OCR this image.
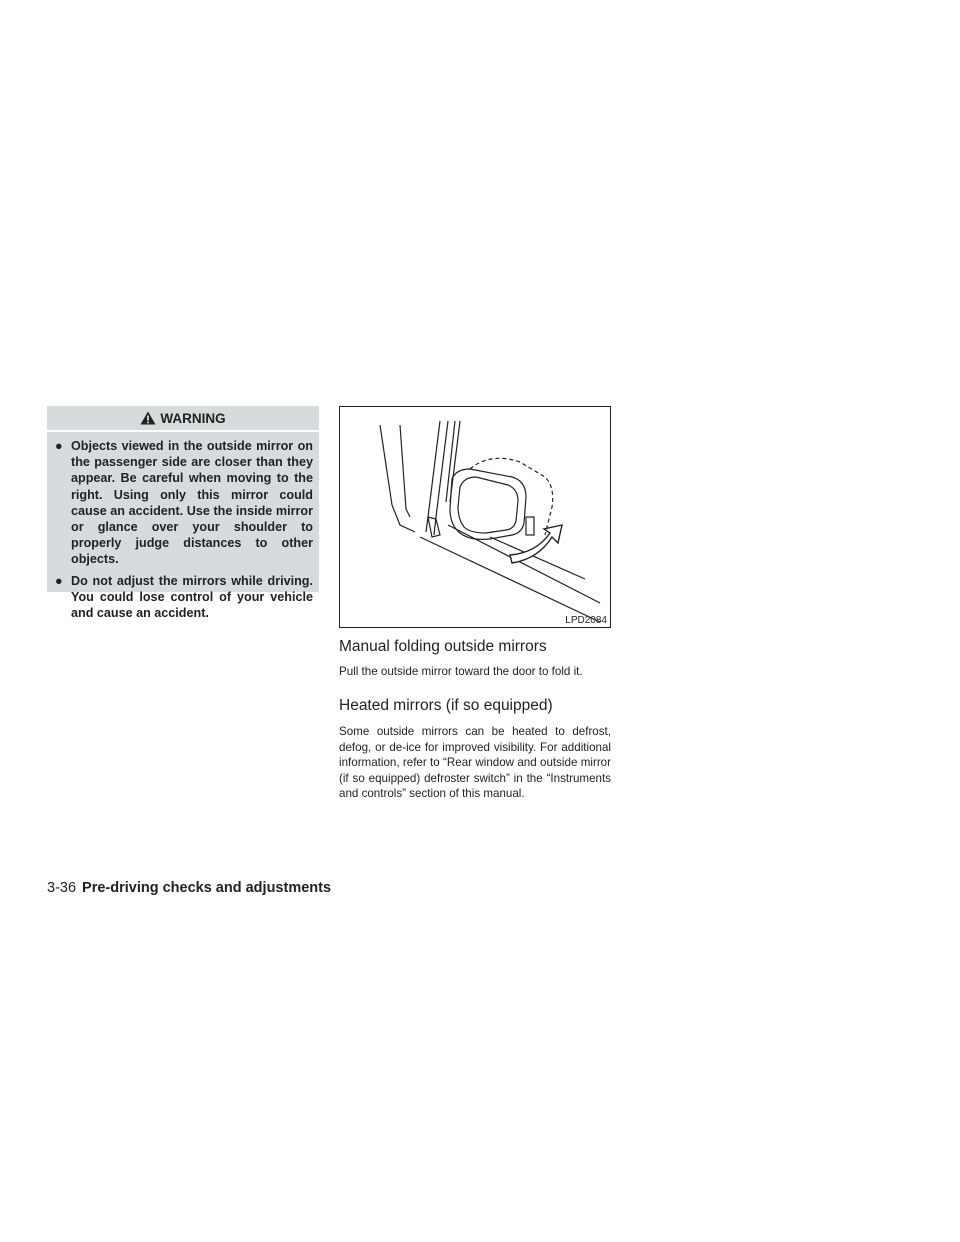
WARNING
● Objects viewed in the outside mirror on the passenger side are closer than they appear. Be careful when moving to the right. Using only this mirror could cause an accident. Use the inside mirror or glance over your shoulder to properly judge distances to other objects.
● Do not adjust the mirrors while driving. You could lose control of your vehicle and cause an accident.
LPD2084
Manual folding outside mirrors

Pull the outside mirror toward the door to fold it.

Heated mirrors (if so equipped)

Some outside mirrors can be heated to defrost, defog, or de-ice for improved visibility. For additional information, refer to “Rear window and outside mirror (if so equipped) defroster switch” in the “Instruments and controls” section of this manual.

3-36 Pre-driving checks and adjustments
